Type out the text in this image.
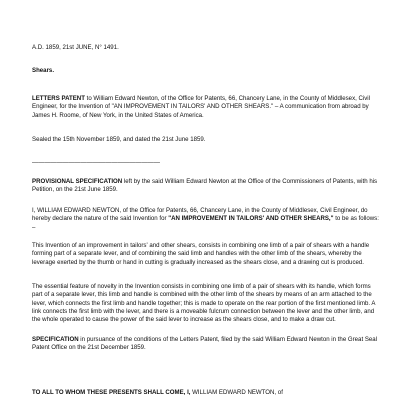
A.D. 1859, 21st JUNE, N° 1491.

Shears.

LETTERS PATENT to William Edward Newton, of the Office for Patents, 66, Chancery Lane, in the County of Middlesex, Civil Engineer, for the Invention of "AN IMPROVEMENT IN TAILORS' AND OTHER SHEARS." – A communication from abroad by James H. Roome, of New York, in the United States of America.

Sealed the 15th November 1859, and dated the 21st June 1859.

—————————————————————

PROVISIONAL SPECIFICATION left by the said William Edward Newton at the Office of the Commissioners of Patents, with his Petition, on the 21st June 1859.

I, WILLIAM EDWARD NEWTON, of the Office for Patents, 66, Chancery Lane, in the County of Middlesex, Civil Engineer, do hereby declare the nature of the said Invention for "AN IMPROVEMENT IN TAILORS' AND OTHER SHEARS," to be as follows: –

This Invention of an improvement in tailors' and other shears, consists in combining one limb of a pair of shears with a handle forming part of a separate lever, and of combining the said limb and handles with the other limb of the shears, whereby the leverage exerted by the thumb or hand in cutting is gradually increased as the shears close, and a drawing cut is produced.

The essential feature of novelty in the Invention consists in combining one limb of a pair of shears with its handle, which forms part of a separate lever, this limb and handle is combined with the other limb of the shears by means of an arm attached to the lever, which connects the first limb and handle together; this is made to operate on the rear portion of the first mentioned limb. A link connects the first limb with the lever, and there is a moveable fulcrum connection between the lever and the other limb, and the whole operated to cause the power of the said lever to increase as the shears close, and to make a draw cut.

SPECIFICATION in pursuance of the conditions of the Letters Patent, filed by the said William Edward Newton in the Great Seal Patent Office on the 21st December 1859.

TO ALL TO WHOM THESE PRESENTS SHALL COME, I, WILLIAM EDWARD NEWTON, of
